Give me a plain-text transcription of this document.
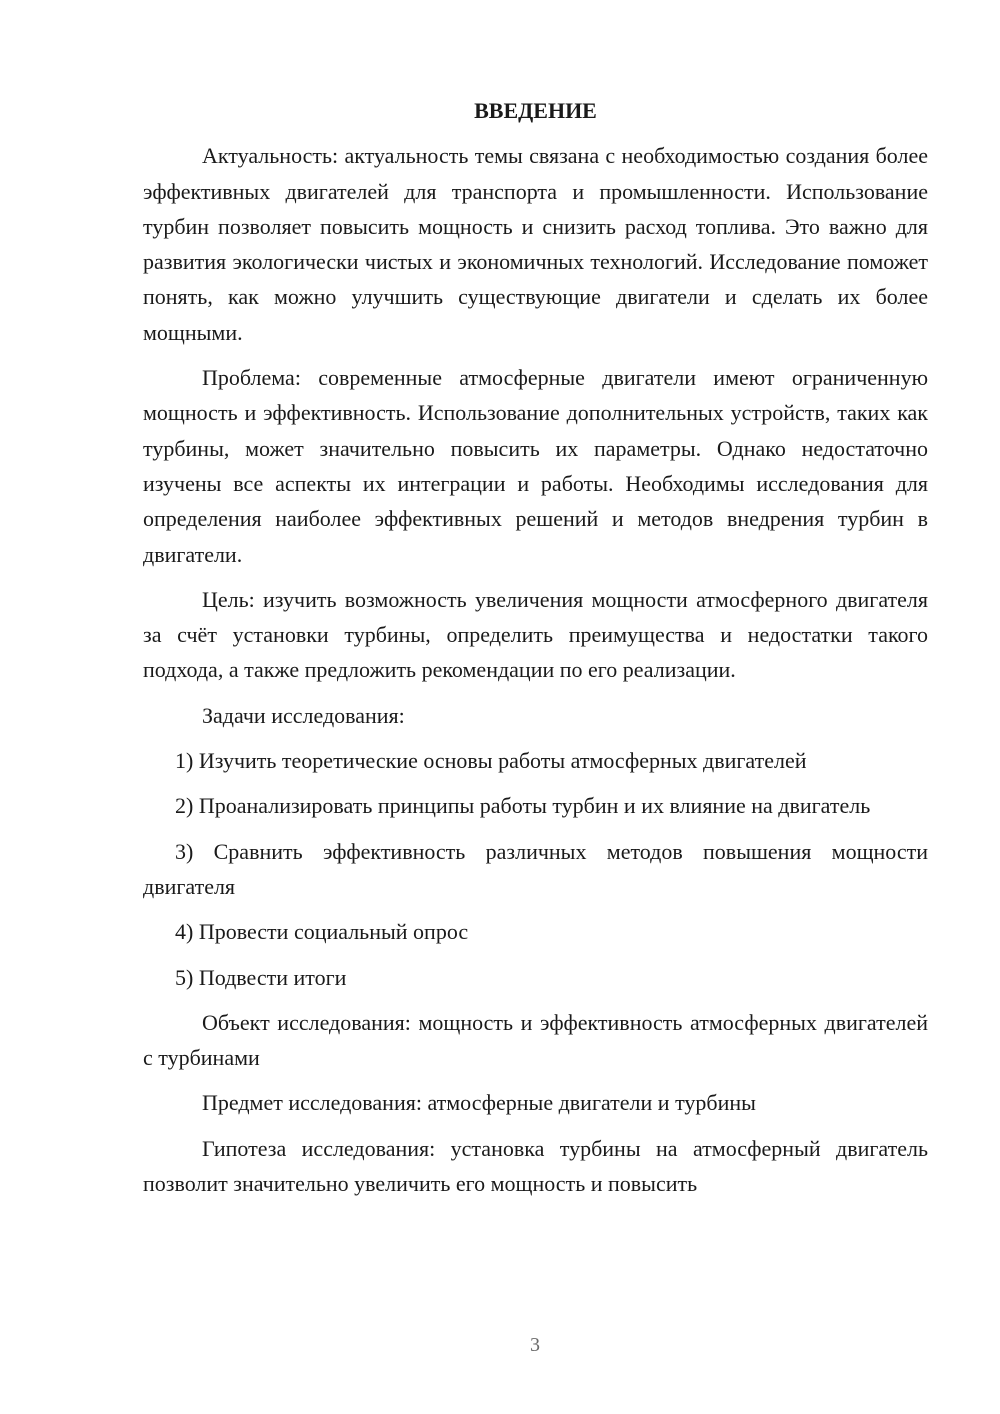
ВВЕДЕНИЕ

Актуальность: актуальность темы связана с необходимостью создания более эффективных двигателей для транспорта и промышленности. Использование турбин позволяет повысить мощность и снизить расход топлива. Это важно для развития экологически чистых и экономичных технологий. Исследование поможет понять, как можно улучшить существующие двигатели и сделать их более мощными.

Проблема: современные атмосферные двигатели имеют ограниченную мощность и эффективность. Использование дополнительных устройств, таких как турбины, может значительно повысить их параметры. Однако недостаточно изучены все аспекты их интеграции и работы. Необходимы исследования для определения наиболее эффективных решений и методов внедрения турбин в двигатели.

Цель: изучить возможность увеличения мощности атмосферного двигателя за счёт установки турбины, определить преимущества и недостатки такого подхода, а также предложить рекомендации по его реализации.

Задачи исследования:

1) Изучить теоретические основы работы атмосферных двигателей

2) Проанализировать принципы работы турбин и их влияние на двигатель

3) Сравнить эффективность различных методов повышения мощности двигателя

4) Провести социальный опрос

5) Подвести итоги

Объект исследования: мощность и эффективность атмосферных двигателей с турбинами

Предмет исследования: атмосферные двигатели и турбины

Гипотеза исследования: установка турбины на атмосферный двигатель позволит значительно увеличить его мощность и повысить

3
